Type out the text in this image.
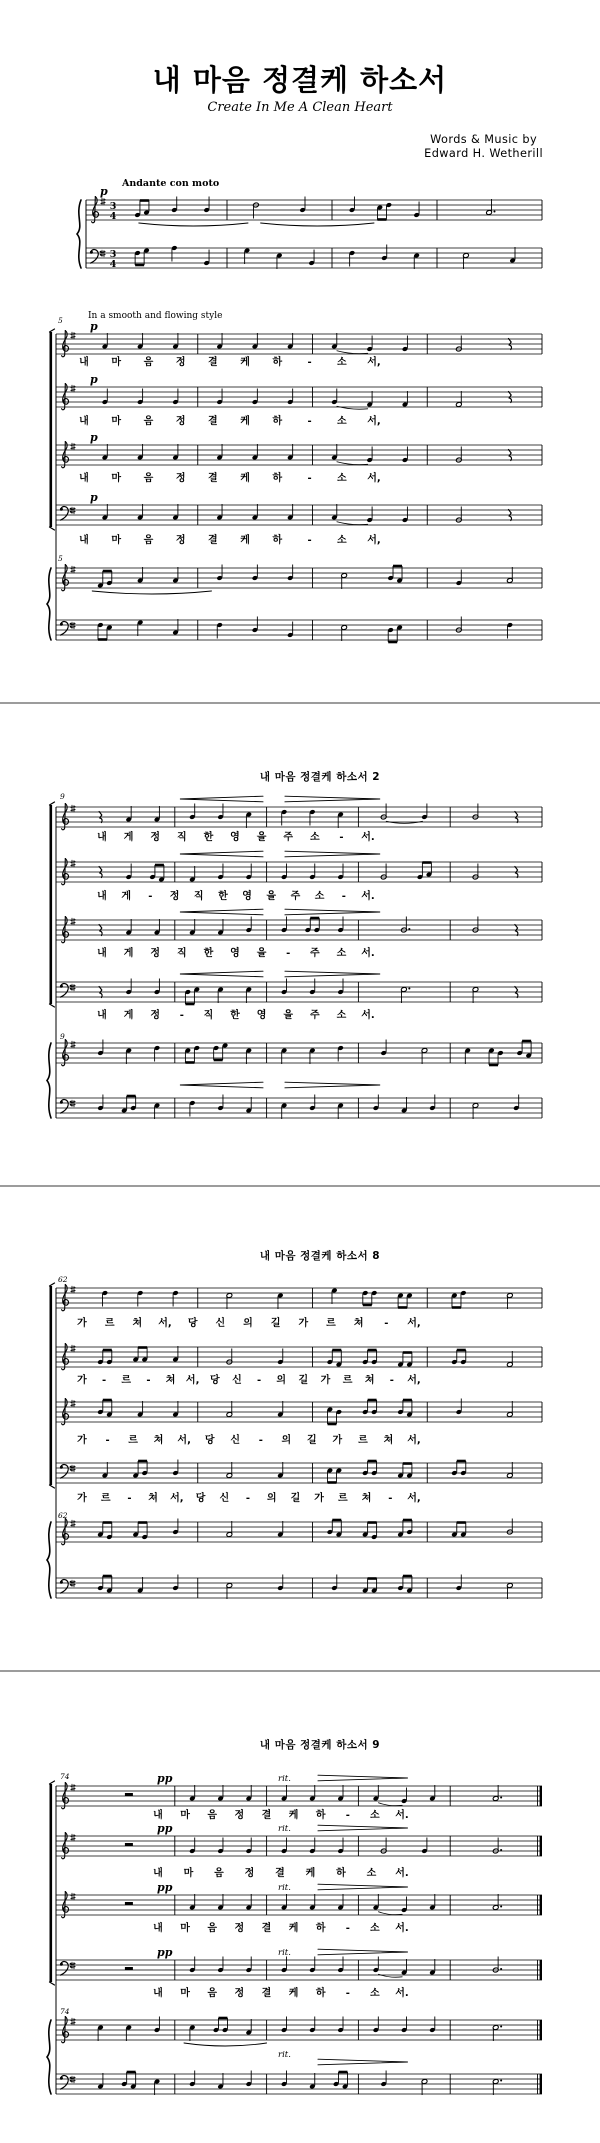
내 마음 정결케 하소서
Create In Me A Clean Heart
Words & Music by
Edward H. Wetherill
내 마음 정결케 하소서 2
내 마음 정결케 하소서 8
내 마음 정결케 하소서 9
Andante con moto
p
3
4
3
4
5
5
In a smooth and flowing style
p
내 마 음 정 결 케 하	-	소 서,
p
내 마 음 정 결 케 하	-	소 서,
p
내 마 음 정 결 케 하	-	소 서,
p
내 마 음 정 결 케 하	-	소 서,
9
9
내 게 정 직 한 영 을 주 소 - 서.
내 게 - 정 직 한 영 을 주 소 - 서.
내 게 정 직 한 영 을 - 주 소 서.
내 게 정 - 직 한 영 을 주 소 서.
62
62
가 르 쳐 서, 당 신 의 길 가 르 쳐 - 서,
가 - 르 - 쳐 서, 당 신 - 의 길 가 르 쳐 - 서,
가 - 르 쳐 서, 당 신 - 의 길 가 르 쳐 서,
가 르 - 쳐 서, 당 신 - 의 길 가 르 쳐 - 서,
74
74
pp	rit.
내 마 음 정 결 케 하 - 소 서.
pp	rit.
내 마 음 정 결 케 하 소 서.
pp	rit.
내 마 음 정 결 케 하 - 소 서.
pp	rit.
내 마 음 정 결 케 하 - 소 서.
rit.
